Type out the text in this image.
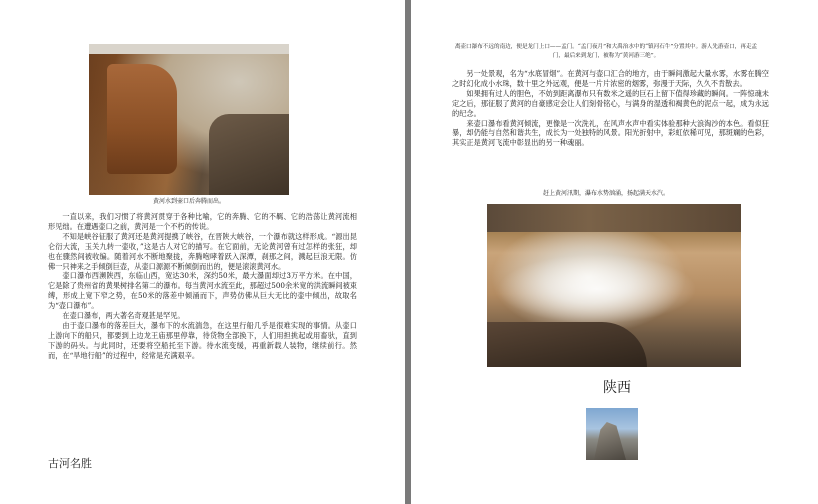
黄河水到壶口后奔腾而出。

一直以来，我们习惯了将黄河贯穿于各种比喻，它的奔腾、它的不羁、它的浩荡让黄河流相形见绌。在遭遇壶口之前，黄河是一个不朽的传说。

不知是峡谷征服了黄河还是黄河提携了峡谷，在晋陕大峡谷，一个瀑布就这样形成。“源出昆仑衍大流，玉关九转一壶收，”这是古人对它的描写。在它面前，无论黄河曾有过怎样的张狂，却也在骤然间被收编。随着河水不断地聚拢，奔腾咆哮着跃入深潭，刹那之间，溅起巨浪无限。仿佛一只神来之手倾倒巨壶，从壶口源源不断倾倒而出的，便是滚滚黄河水。

壶口瀑布西濒陕西，东临山西，宽达30米，深约50米，最大瀑面却过3万平方米。在中国，它是除了贵州省的黄果树排名第二的瀑布。每当黄河水流至此，那超过500余米宽的洪流瞬间被束缚，形成上宽下窄之势，在50米的落差中倾涌而下，声势仿佛从巨大无比的壶中倾出，故取名为“壶口瀑布”。

在壶口瀑布，两大著名奇观甚是罕见。

由于壶口瀑布的落差巨大，瀑布下的水流湍急，在这里行船几乎是很难实现的事情。从壶口上游向下的船只，都要到上边龙王庙那里停靠，待货物全部换下，人们用担挑起或用畜驮，直到下游的码头。与此同时，还要将空船托至下游。待水流变缓，再重新载人装物，继续前行。然而，在“旱地行船”的过程中，经常是充满艰辛。

古河名胜
离壶口瀑布不远的南边，便是龙门上口——孟门。“孟门夜月”和大禹治水中的“镇河石牛”分置其中。游人先游壶口，再走孟门，最后来到龙门，被称为“黄河游三绝”。

另一处景观，名为“水底冒烟”。在黄河与壶口汇合的地方，由于瞬间激起大量水雾，水雾在腾空之时幻化成小水珠，数十里之外远观，便是一片片浓密的烟雾，弥漫于天际，久久不肯散去。

如果拥有过人的胆色，不妨到距离瀑布只有数米之遥的巨石上留下值得珍藏的瞬间。一阵惊魂未定之后，那征服了黄河的自豪感定会让人们刻骨铭心，与满身的湿透和褐黄色的泥点一起，成为永远的纪念。

来壶口瀑布看黄河倾流，更像是一次洗礼，在风声水声中看实体验那种大浪淘沙的本色。看似狂暴，却仍能与自然和谐共生，成长为一处独特的风景。阳光折射中，彩虹依稀可见，那斑斓的色彩，其实正是黄河飞流中彰显出的另一种魂丽。

赶上黄河汛期，瀑布水势汹涌，扬起满天水汽。
陕西
